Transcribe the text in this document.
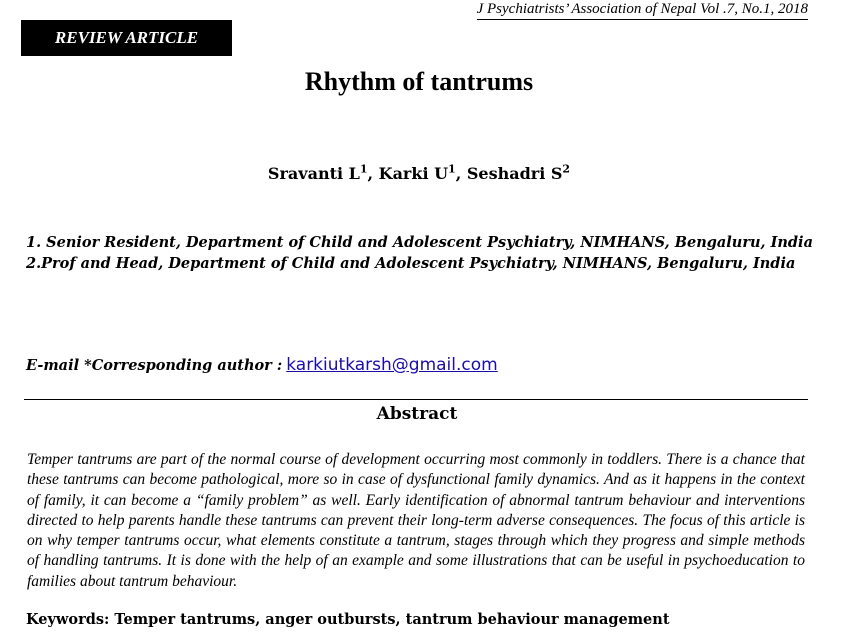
J Psychiatrists’ Association of Nepal Vol .7, No.1, 2018
REVIEW ARTICLE
Rhythm of tantrums
Sravanti $L^1$, Karki $U^1$, Seshadri $S^2$
1. Senior Resident, Department of Child and Adolescent Psychiatry, NIMHANS, Bengaluru, India
2.Prof and Head, Department of Child and Adolescent Psychiatry, NIMHANS, Bengaluru, India
E-mail *Corresponding author : karkiutkarsh@gmail.com
Abstract

Temper tantrums are part of the normal course of development occurring most commonly in toddlers. There is a chance that these tantrums can become pathological, more so in case of dysfunctional family dynamics. And as it happens in the context of family, it can become a “family problem” as well. Early identification of abnormal tantrum behaviour and interventions directed to help parents handle these tantrums can prevent their long-term adverse consequences. The focus of this article is on why temper tantrums occur, what elements constitute a tantrum, stages through which they progress and simple methods of handling tantrums. It is done with the help of an example and some illustrations that can be useful in psychoeducation to families about tantrum behaviour.

Keywords: Temper tantrums, anger outbursts, tantrum behaviour management
